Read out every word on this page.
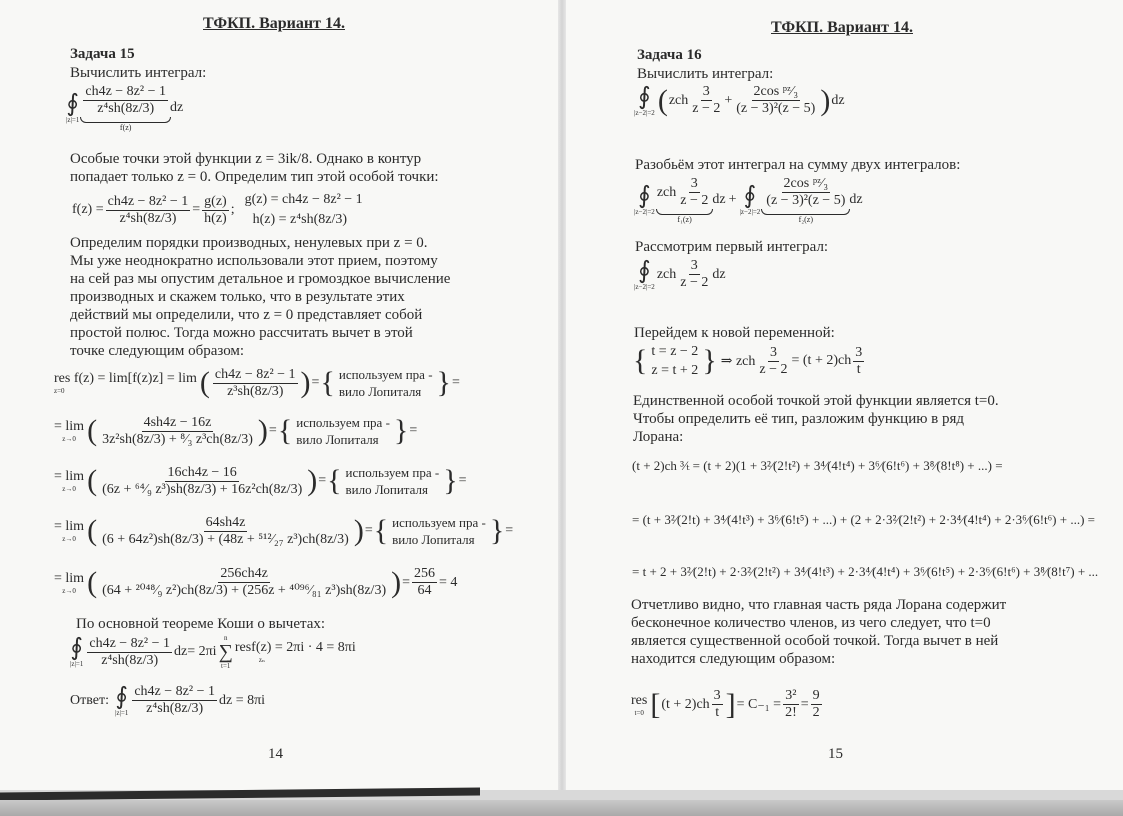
ТФКП. Вариант 14.
Задача 15
Вычислить интеграл:
∮
|z|=1
ch4z − 8z² − 1
z⁴sh(8z/3)
f(z)
dz
Особые точки этой функции z = 3ik/8. Однако в контур
попадает только z = 0. Определим тип этой особой точки:
$f(z) = \frac{\text{ch4z − 8z² − 1}}{\text{z⁴sh(8z/3)}} = \frac{g(z)}{h(z)}$ ;
g(z) = ch4z − 8z² − 1
h(z) = z⁴sh(8z/3)
Определим порядки производных, ненулевых при z = 0.
Мы уже неоднократно использовали этот прием, поэтому
на сей раз мы опустим детальное и громоздкое вычисление
производных и скажем только, что в результате этих
действий мы определили, что z = 0 представляет собой
простой полюс. Тогда можно рассчитать вычет в этой
точке следующим образом:
res f(z) = lim[f(z)z] = lim
z=0	( ch4z − 8z² − 1
z³sh(8z/3) ) = { используем пра -
вило Лопиталя } =
= lim
z→0 (	4sh4z − 16z
3z²sh(8z/3) + ⁸⁄₃ z³ch(8z/3) ) = { используем пра -
вило Лопиталя } =
= lim
z→0 (	16ch4z − 16
(6z + ⁶⁴⁄₉ z³)sh(8z/3) + 16z²ch(8z/3) ) = { используем пра -
вило Лопиталя } =
= lim
z→0 (	64sh4z
(6 + 64z²)sh(8z/3) + (48z + ⁵¹²⁄₂₇ z³)ch(8z/3) ) = { используем пра -
вило Лопиталя } =
= lim
z→0 (	256ch4z
(64 + ²⁰⁴⁸⁄₉ z²)ch(8z/3) + (256z + ⁴⁰⁹⁶⁄₈₁ z³)sh(8z/3) ) = $\frac{256}{64} = 4$
По основной теореме Коши о вычетах:
∮
|z|=1
ch4z − 8z² − 1
z⁴sh(8z/3)
dz = 2πi
n
∑
t=1
resf(z) = 2πi · 4 = 8πi
zₙ
Ответ: ∮
|z|=1
ch4z − 8z² − 1
z⁴sh(8z/3)
dz = 8πi
14
ТФКП. Вариант 14.
Задача 16
Вычислить интеграл:
∮
|z−2|=2 ( zch
3
z − 2
+ $\frac{\text{2cos ᵖᶻ⁄₃}}{\text{(z − 3)²(z − 5)}}$ ) dz
Разобьём этот интеграл на сумму двух интегралов:
∮
|z−2|=2
zch
3
z − 2
f₁(z)
dz + ∮
|z−2|=2
2cos ᵖᶻ⁄₃
(z − 3)²(z − 5)
f₂(z)
dz
Рассмотрим первый интеграл:
∮
|z−2|=2
zch
3
z − 2
dz
Перейдем к новой переменной:
{ t = z − 2
z = t + 2 } ⇒ zch $\frac{3}{z - 2} = (t + 2)ch$
3
t
Единственной особой точкой этой функции является t=0.
Чтобы определить её тип, разложим функцию в ряд
Лорана:
(t + 2)ch ³⁄ₜ = (t + 2)(1 + 3²⁄(2!t²) + 3⁴⁄(4!t⁴) + 3⁶⁄(6!t⁶) + 3⁸⁄(8!t⁸) + ...) =
= (t + 3²⁄(2!t) + 3⁴⁄(4!t³) + 3⁶⁄(6!t⁵) + ...) + (2 + 2·3²⁄(2!t²) + 2·3⁴⁄(4!t⁴) + 2·3⁶⁄(6!t⁶) + ...) =
= t + 2 + 3²⁄(2!t) + 2·3²⁄(2!t²) + 3⁴⁄(4!t³) + 2·3⁴⁄(4!t⁴) + 3⁶⁄(6!t⁵) + 2·3⁶⁄(6!t⁶) + 3⁸⁄(8!t⁷) + ...
Отчетливо видно, что главная часть ряда Лорана содержит
бесконечное количество членов, из чего следует, что t=0
является существенной особой точкой. Тогда вычет в ней
находится следующим образом:
res
t=0 [ (t + 2)ch
3
t ] = $C_{-1} = \frac{\text{3²}}{2!} = \frac{9}{2}$
15
